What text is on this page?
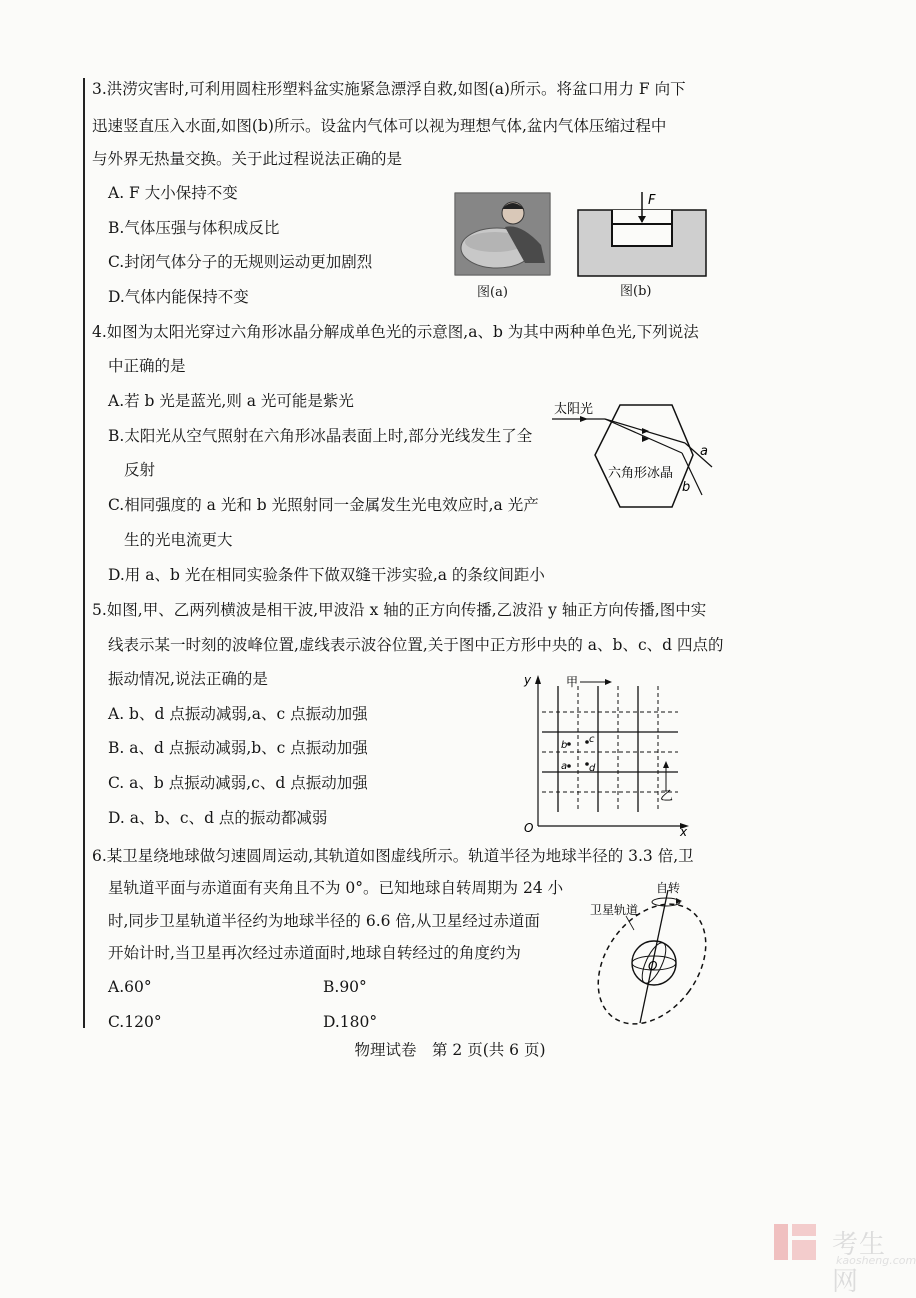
3.洪涝灾害时,可利用圆柱形塑料盆实施紧急漂浮自救,如图(a)所示。将盆口用力 F 向下
迅速竖直压入水面,如图(b)所示。设盆内气体可以视为理想气体,盆内气体压缩过程中
与外界无热量交换。关于此过程说法正确的是
A. F 大小保持不变
B.气体压强与体积成反比
C.封闭气体分子的无规则运动更加剧烈
D.气体内能保持不变	图(a)
F
图(b)
4.如图为太阳光穿过六角形冰晶分解成单色光的示意图,a、b 为其中两种单色光,下列说法
中正确的是
A.若 b 光是蓝光,则 a 光可能是紫光
B.太阳光从空气照射在六角形冰晶表面上时,部分光线发生了全
反射
C.相同强度的 a 光和 b 光照射同一金属发生光电效应时,a 光产
生的光电流更大
D.用 a、b 光在相同实验条件下做双缝干涉实验,a 的条纹间距小
太阳光
六角形冰晶
a
b
5.如图,甲、乙两列横波是相干波,甲波沿 x 轴的正方向传播,乙波沿 y 轴正方向传播,图中实
线表示某一时刻的波峰位置,虚线表示波谷位置,关于图中正方形中央的 a、b、c、d 四点的
振动情况,说法正确的是
A. b、d 点振动减弱,a、c 点振动加强
B. a、d 点振动减弱,b、c 点振动加强
C. a、b 点振动减弱,c、d 点振动加强
D. a、b、c、d 点的振动都减弱
y
x
O
甲
乙
b
c
a d
6.某卫星绕地球做匀速圆周运动,其轨道如图虚线所示。轨道半径为地球半径的 3.3 倍,卫
星轨道平面与赤道面有夹角且不为 0°。已知地球自转周期为 24 小
时,同步卫星轨道半径约为地球半径的 6.6 倍,从卫星经过赤道面
开始计时,当卫星再次经过赤道面时,地球自转经过的角度约为
A.60°	B.90°
C.120°	D.180°
自转
卫星轨道
O
物理试卷　第 2 页(共 6 页)
考生网
kaosheng.com
